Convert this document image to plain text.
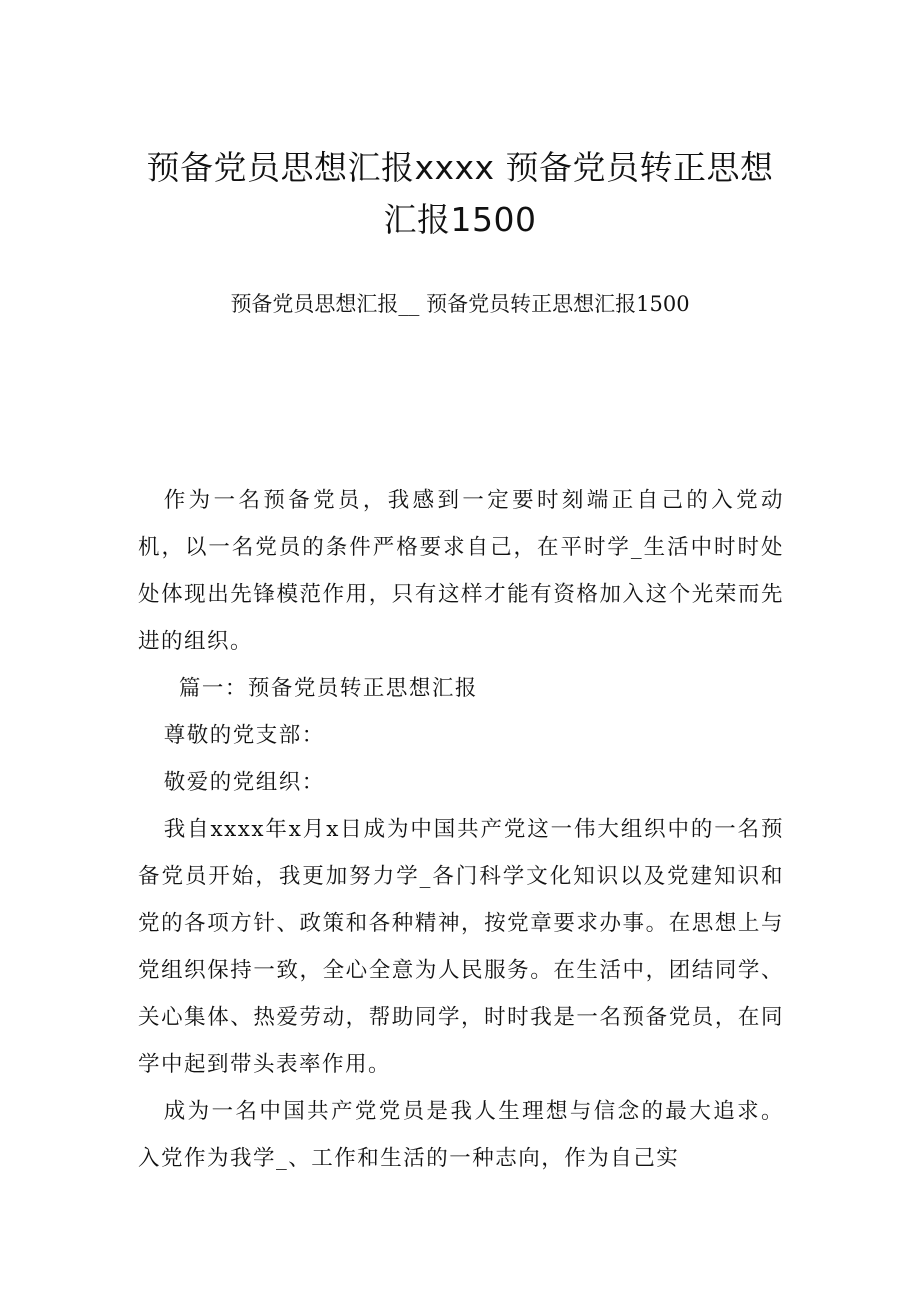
预备党员思想汇报xxxx 预备党员转正思想汇报1500
预备党员思想汇报__ 预备党员转正思想汇报1500

作为一名预备党员，我感到一定要时刻端正自己的入党动机，以一名党员的条件严格要求自己，在平时学_生活中时时处处体现出先锋模范作用，只有这样才能有资格加入这个光荣而先进的组织。

篇一：预备党员转正思想汇报

尊敬的党支部：

敬爱的党组织：

我自xxxx年x月x日成为中国共产党这一伟大组织中的一名预备党员开始，我更加努力学_各门科学文化知识以及党建知识和党的各项方针、政策和各种精神，按党章要求办事。在思想上与党组织保持一致，全心全意为人民服务。在生活中，团结同学、关心集体、热爱劳动，帮助同学，时时我是一名预备党员，在同学中起到带头表率作用。

成为一名中国共产党党员是我人生理想与信念的最大追求。入党作为我学_、工作和生活的一种志向，作为自己实
